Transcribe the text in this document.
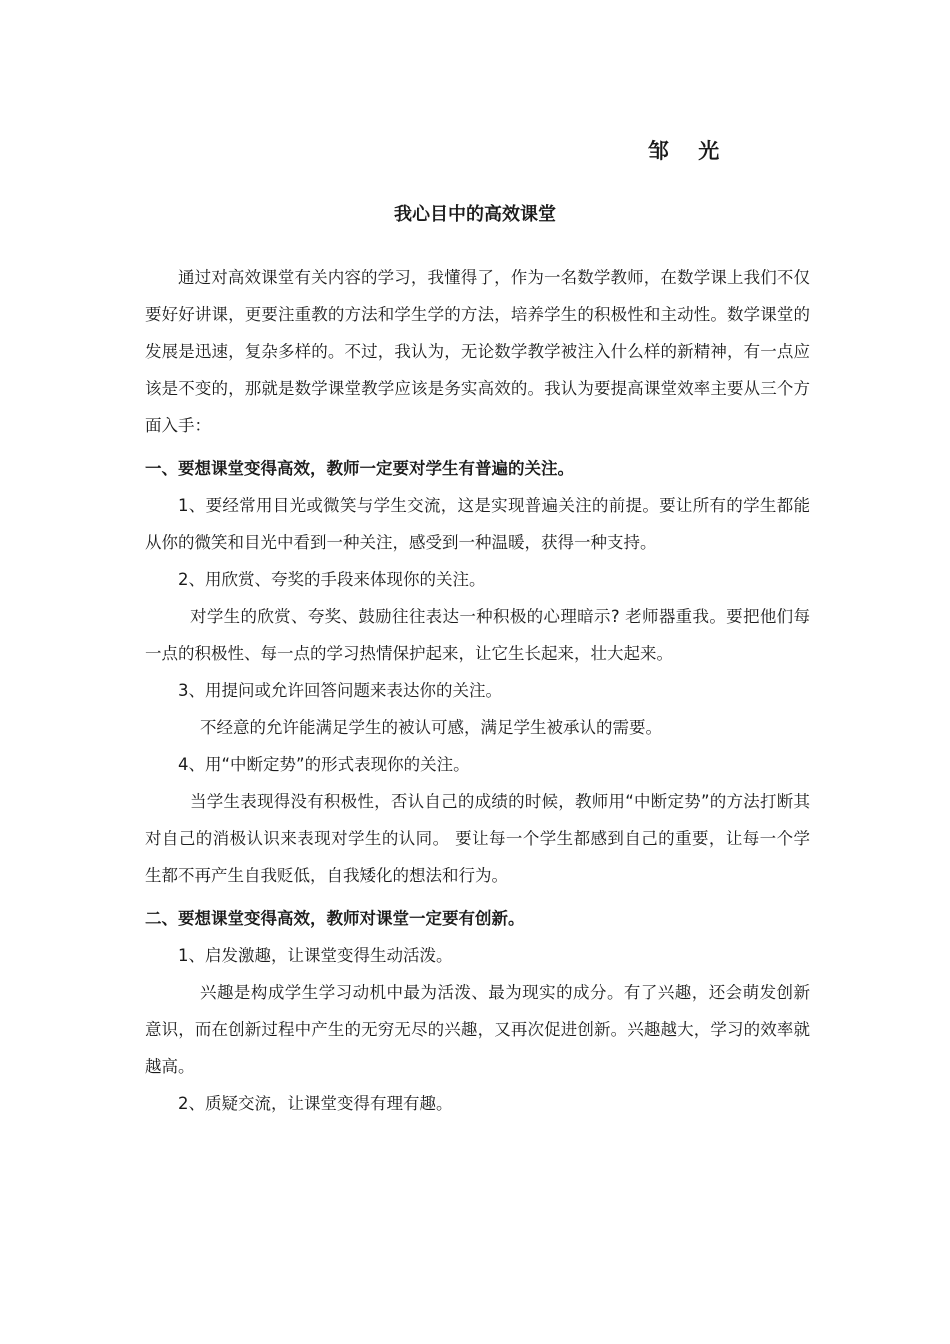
邹    光
我心目中的高效课堂

通过对高效课堂有关内容的学习，我懂得了，作为一名数学教师，在数学课上我们不仅要好好讲课，更要注重教的方法和学生学的方法，培养学生的积极性和主动性。数学课堂的发展是迅速，复杂多样的。不过，我认为，无论数学教学被注入什么样的新精神，有一点应该是不变的，那就是数学课堂教学应该是务实高效的。我认为要提高课堂效率主要从三个方面入手：

一、要想课堂变得高效，教师一定要对学生有普遍的关注。

1、要经常用目光或微笑与学生交流，这是实现普遍关注的前提。要让所有的学生都能从你的微笑和目光中看到一种关注，感受到一种温暖，获得一种支持。

2、用欣赏、夸奖的手段来体现你的关注。

对学生的欣赏、夸奖、鼓励往往表达一种积极的心理暗示? 老师器重我。要把他们每一点的积极性、每一点的学习热情保护起来，让它生长起来，壮大起来。

3、用提问或允许回答问题来表达你的关注。

不经意的允许能满足学生的被认可感，满足学生被承认的需要。

4、用“中断定势”的形式表现你的关注。

当学生表现得没有积极性，否认自己的成绩的时候，教师用“中断定势”的方法打断其对自己的消极认识来表现对学生的认同。 要让每一个学生都感到自己的重要，让每一个学生都不再产生自我贬低，自我矮化的想法和行为。

二、要想课堂变得高效，教师对课堂一定要有创新。

1、启发激趣，让课堂变得生动活泼。

兴趣是构成学生学习动机中最为活泼、最为现实的成分。有了兴趣，还会萌发创新意识，而在创新过程中产生的无穷无尽的兴趣，又再次促进创新。兴趣越大，学习的效率就越高。

2、质疑交流，让课堂变得有理有趣。
